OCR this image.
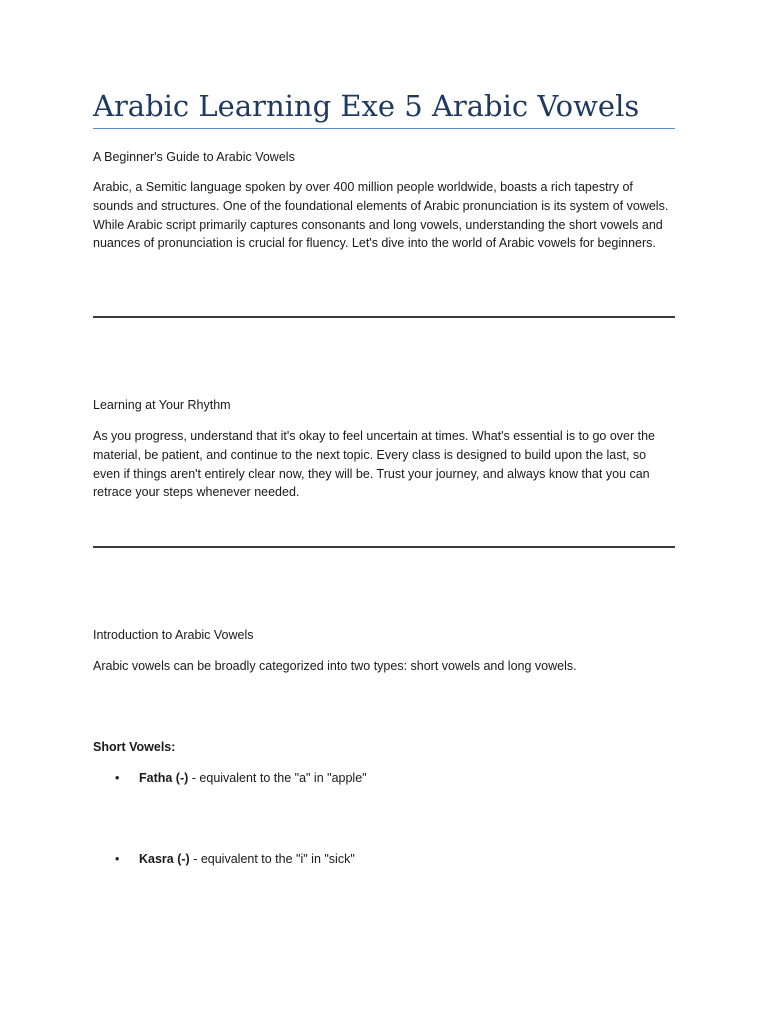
Arabic Learning Exe 5 Arabic Vowels

A Beginner's Guide to Arabic Vowels

Arabic, a Semitic language spoken by over 400 million people worldwide, boasts a rich tapestry of sounds and structures. One of the foundational elements of Arabic pronunciation is its system of vowels. While Arabic script primarily captures consonants and long vowels, understanding the short vowels and nuances of pronunciation is crucial for fluency. Let's dive into the world of Arabic vowels for beginners.

Learning at Your Rhythm

As you progress, understand that it's okay to feel uncertain at times. What's essential is to go over the material, be patient, and continue to the next topic. Every class is designed to build upon the last, so even if things aren't entirely clear now, they will be. Trust your journey, and always know that you can retrace your steps whenever needed.

Introduction to Arabic Vowels

Arabic vowels can be broadly categorized into two types: short vowels and long vowels.

Short Vowels:

• Fatha (-) - equivalent to the "a" in "apple"
• Kasra (-) - equivalent to the "i" in "sick"
